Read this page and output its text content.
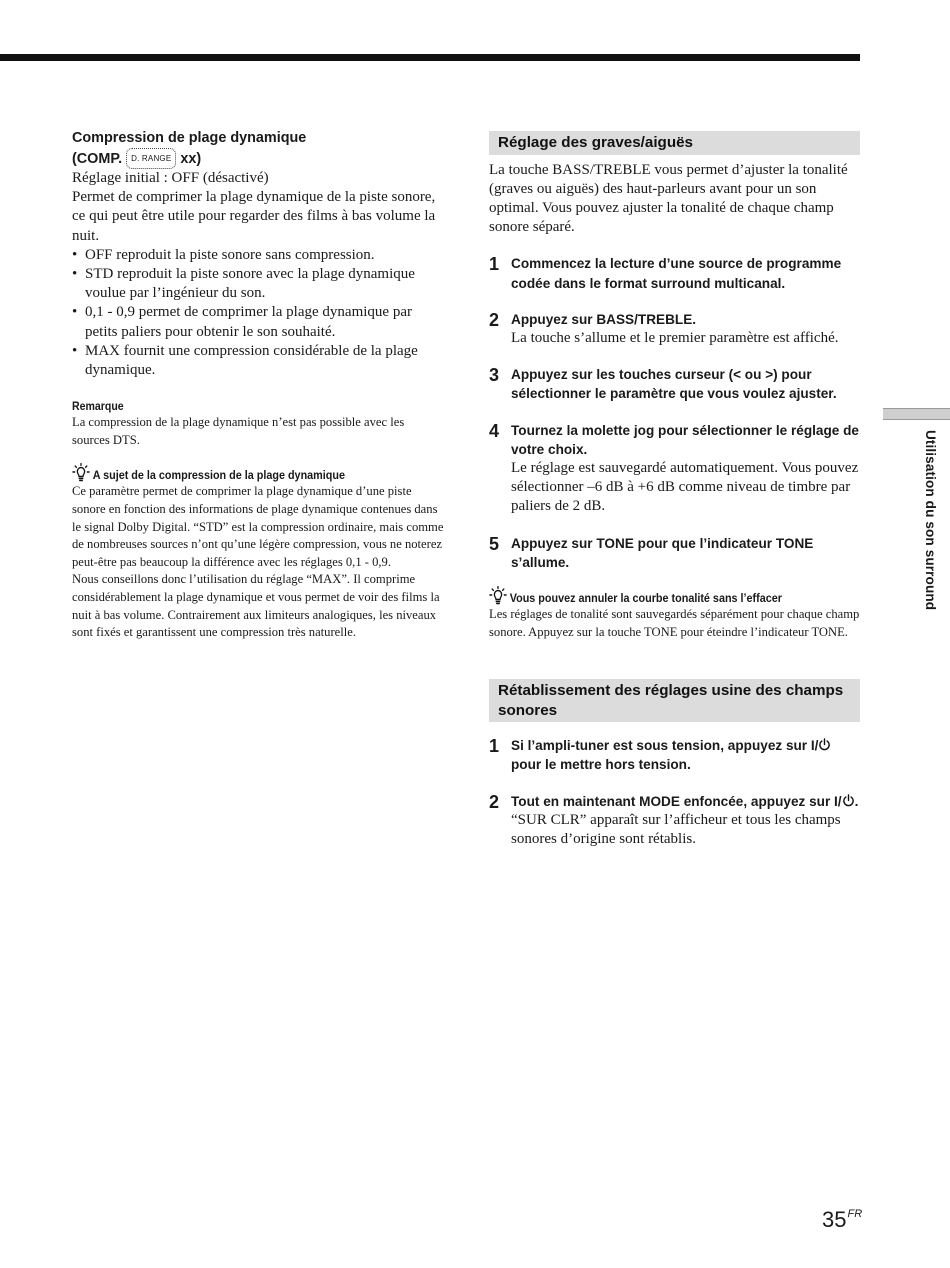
Compression de plage dynamique
(COMP. D. RANGE xx)
Réglage initial : OFF (désactivé)
Permet de comprimer la plage dynamique de la piste sonore, ce qui peut être utile pour regarder des films à bas volume la nuit.
• OFF reproduit la piste sonore sans compression.
• STD reproduit la piste sonore avec la plage dynamique voulue par l’ingénieur du son.
• 0,1 - 0,9 permet de comprimer la plage dynamique par petits paliers pour obtenir le son souhaité.
• MAX fournit une compression considérable de la plage dynamique.
Remarque
La compression de la plage dynamique n’est pas possible avec les sources DTS.
A sujet de la compression de la plage dynamique
Ce paramètre permet de comprimer la plage dynamique d’une piste sonore en fonction des informations de plage dynamique contenues dans le signal Dolby Digital. “STD” est la compression ordinaire, mais comme de nombreuses sources n’ont qu’une légère compression, vous ne noterez peut-être pas beaucoup la différence avec les réglages 0,1 - 0,9.
Nous conseillons donc l’utilisation du réglage “MAX”. Il comprime considérablement la plage dynamique et vous permet de voir des films la nuit à bas volume. Contrairement aux limiteurs analogiques, les niveaux sont fixés et garantissent une compression très naturelle.
Réglage des graves/aiguës
La touche BASS/TREBLE vous permet d’ajuster la tonalité (graves ou aiguës) des haut-parleurs avant pour un son optimal. Vous pouvez ajuster la tonalité de chaque champ sonore séparé.
1 Commencez la lecture d’une source de programme codée dans le format surround multicanal.
2 Appuyez sur BASS/TREBLE.
La touche s’allume et le premier paramètre est affiché.
3 Appuyez sur les touches curseur (< ou >) pour sélectionner le paramètre que vous voulez ajuster.
4 Tournez la molette jog pour sélectionner le réglage de votre choix.
Le réglage est sauvegardé automatiquement. Vous pouvez sélectionner –6 dB à +6 dB comme niveau de timbre par paliers de 2 dB.
5 Appuyez sur TONE pour que l’indicateur TONE s’allume.
Vous pouvez annuler la courbe tonalité sans l’effacer
Les réglages de tonalité sont sauvegardés séparément pour chaque champ sonore. Appuyez sur la touche TONE pour éteindre l’indicateur TONE.
Rétablissement des réglages usine des champs sonores
1 Si l’ampli-tuner est sous tension, appuyez sur I/ pour le mettre hors tension.
2 Tout en maintenant MODE enfoncée, appuyez sur I/ .
“SUR CLR” apparaît sur l’afficheur et tous les champs sonores d’origine sont rétablis.
Utilisation du son surround
$35^{FR}$
